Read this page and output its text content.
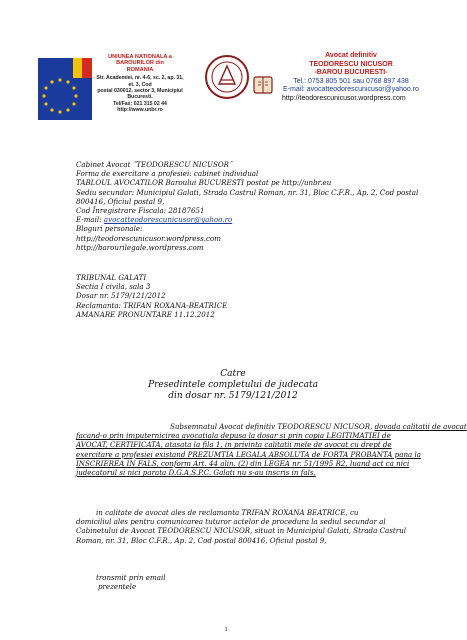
UNIUNEA NATIONALA a BAROURILOR din
ROMANIA
Str. Academiei, nr. 4-6, sc. 2, ap. 31, et. 3, Cod
postal 030012, sector 3, Municipiul Bucuresti.
Tel/Fax: 021 315 02 44
http://www.unbr.ro
Avocat definitiv
TEODORESCU NICUSOR
-BAROU BUCURESTI-
Tel.: 0753 805 501 sau 0768 897 438
E-mail: avocatteodorescunicusor@yahoo.ro
http://teodorescunicusor.wordpress.com
Cabinet Avocat ˝TEODORESCU NICUSOR˝
Forma de exercitare a profesiei: cabinet individual
TABLOUL AVOCATILOR Baroului BUCURESTI postat pe http://unbr.eu
Sediu secundar: Municipiul Galati, Strada Castrul Roman, nr. 31, Bloc C.F.R., Ap. 2, Cod postal
800416, Oficiul postal 9,
Cod Înregistrare Fiscala: 28187651
E-mail: avocatteodorescunicusor@yahoo.ro
Bloguri personale:
http://teodorescunicusor.wordpress.com
http://barourilegale.wordpress.com
TRIBUNAL GALATI
Sectia I civila, sala 3
Dosar nr. 5179/121/2012
Reclamanta: TRIFAN ROXANA-BEATRICE
AMANARE PRONUNTARE 11.12.2012
Catre
Presedintele completului de judecata
din dosar nr. 5179/121/2012
Subsemnatul Avocat definitiv TEODORESCU NICUSOR, dovada calitatii de avocat
facand-o prin imputernicirea avocatiala depusa la dosar si prin copia LEGITIMATIEI de
AVOCAT, CERTIFICATA, atasata la fila 1, in privinta calitatii mele de avocat cu drept de
exercitare a profesiei existand PREZUMTIA LEGALA ABSOLUTA de FORTA PROBANTA pana la
INSCRIEREA IN FALS, conform Art. 44 alin. (2) din LEGEA nr. 51/1995 R2, luand act ca nici
judecatorul si nici parata D.G.A.S.P.C. Galati nu s-au inscris in fals,
in calitate de avocat ales de reclamanta TRIFAN ROXANA BEATRICE, cu
domiciliul ales pentru comunicarea tuturor actelor de procedura la sediul secundar al
Cabinetului de Avocat TEODORESCU NICUSOR, situat in Municipiul Galati, Strada Castrul
Roman, nr. 31, Bloc C.F.R., Ap. 2, Cod postal 800416, Oficiul postal 9,
transmit prin email
prezentele
1
